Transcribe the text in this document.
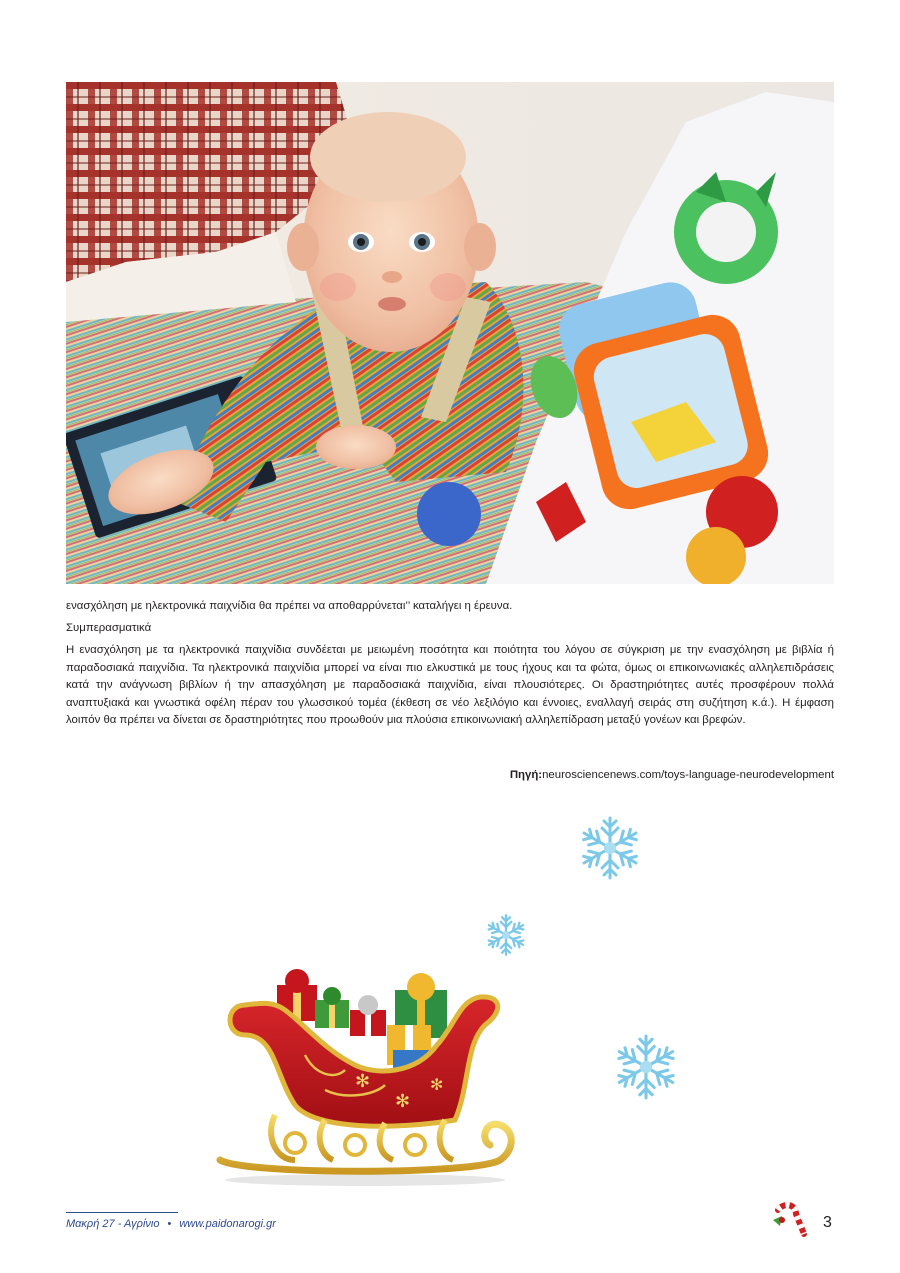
ενασχόληση με ηλεκτρονικά παιχνίδια θα πρέπει να αποθαρρύνεται’’ καταλήγει η έρευνα.

Συμπερασματικά

Η ενασχόληση με τα ηλεκτρονικά παιχνίδια συνδέεται με μειωμένη ποσότητα και ποιότητα του λόγου σε σύγκριση με την ενασχόληση με βιβλία ή παραδοσιακά παιχνίδια. Τα ηλεκτρονικά παιχνίδια μπορεί να είναι πιο ελκυστικά με τους ήχους και τα φώτα, όμως οι επικοινωνιακές αλληλεπιδράσεις κατά την ανάγνωση βιβλίων ή την απασχόληση με παραδοσιακά παιχνίδια, είναι πλουσιότερες. Οι δραστηριότητες αυτές προσφέρουν πολλά αναπτυξιακά και γνωστικά οφέλη πέραν του γλωσσικού τομέα (έκθεση σε νέο λεξιλόγιο και έννοιες, εναλλαγή σειράς στη συζήτηση κ.ά.). Η έμφαση λοιπόν θα πρέπει να δίνεται σε δραστηριότητες που προωθούν μια πλούσια επικοινωνιακή αλληλεπίδραση μεταξύ γονέων και βρεφών.

Πηγή:neurosciencenews.com/toys-language-neurodevelopment
✻
✻
✻
Μακρή 27 - Αγρίνιο • www.paidonarogi.gr	3
